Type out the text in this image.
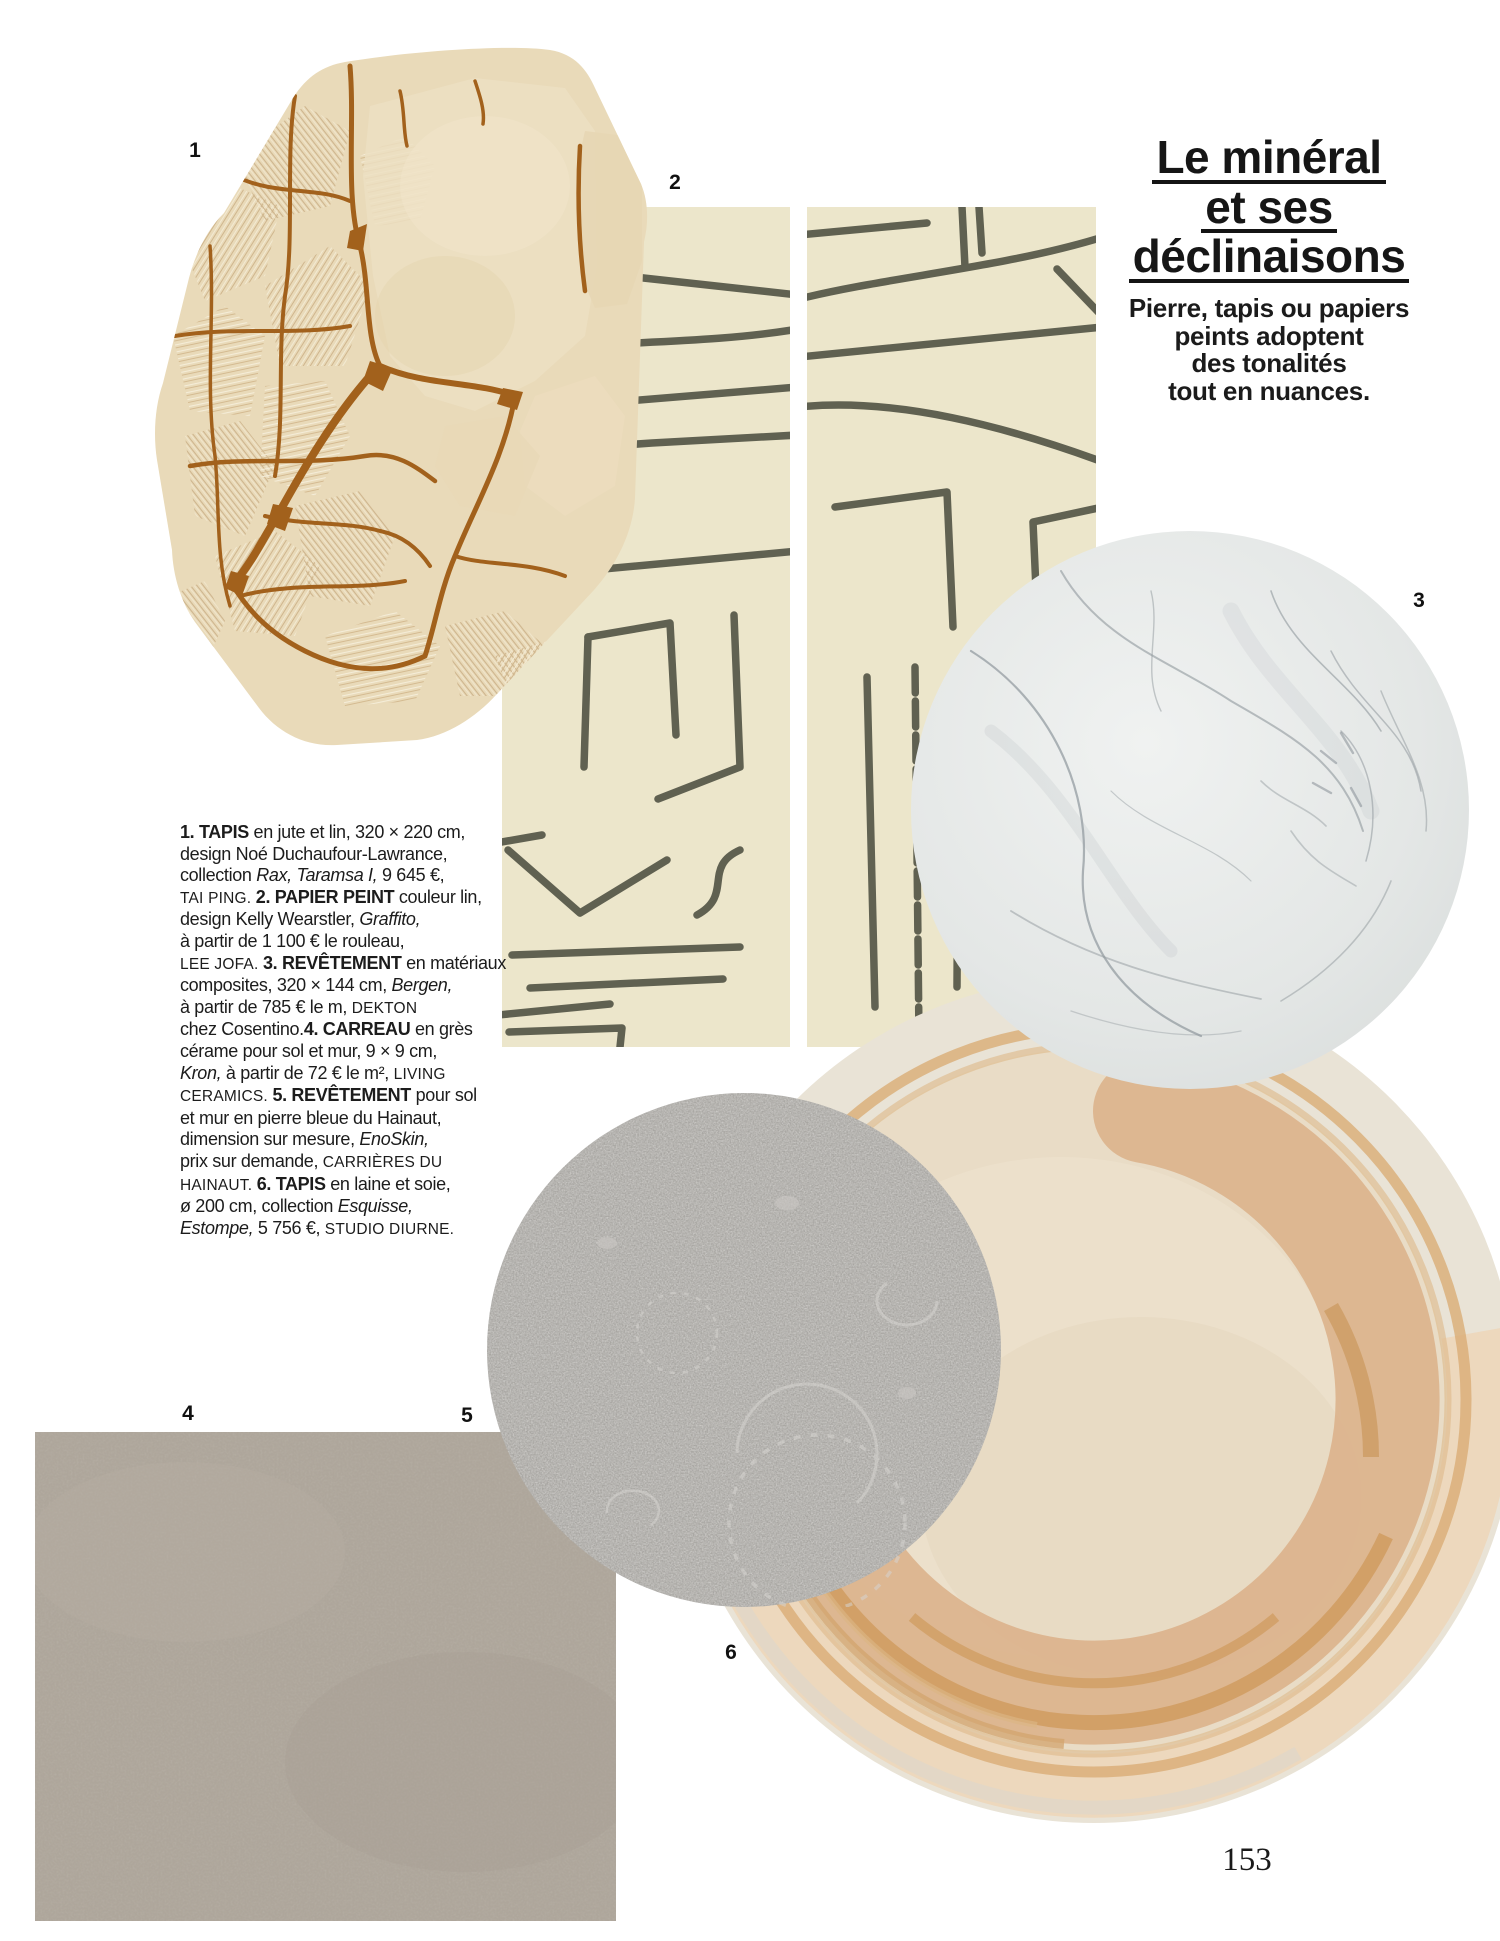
Le minéral
et ses
déclinaisons
Pierre, tapis ou papiers
peints adoptent
des tonalités
tout en nuances.
1
2
3
4	5
6
1. TAPIS en jute et lin, 320 × 220 cm,
design Noé Duchaufour-Lawrance,
collection Rax, Taramsa I, 9 645 €,
TAI PING. 2. PAPIER PEINT couleur lin,
design Kelly Wearstler, Graffito,
à partir de 1 100 € le rouleau,
LEE JOFA. 3. REVÊTEMENT en matériaux
composites, 320 × 144 cm, Bergen,
à partir de 785 € le m, DEKTON
chez Cosentino.4. CARREAU en grès
cérame pour sol et mur, 9 × 9 cm,
Kron, à partir de 72 € le m², LIVING
CERAMICS. 5. REVÊTEMENT pour sol
et mur en pierre bleue du Hainaut,
dimension sur mesure, EnoSkin,
prix sur demande, CARRIÈRES DU
HAINAUT. 6. TAPIS en laine et soie,
ø 200 cm, collection Esquisse,
Estompe, 5 756 €, STUDIO DIURNE.
153
